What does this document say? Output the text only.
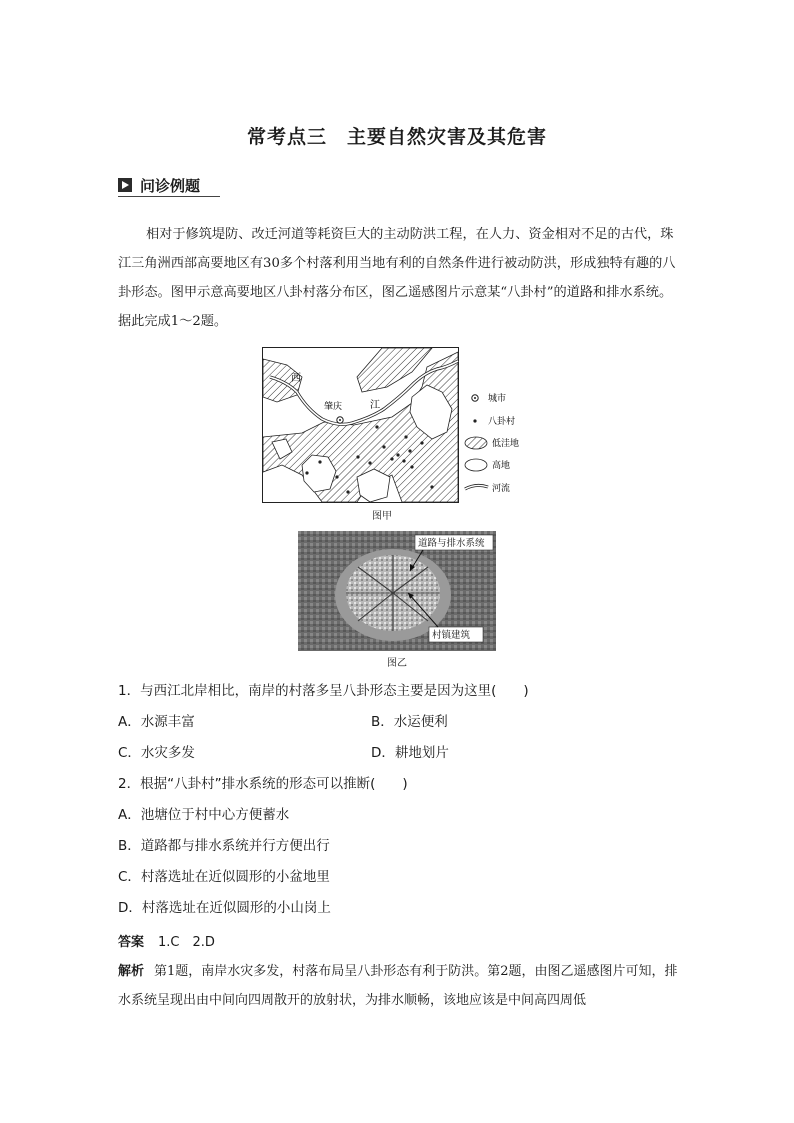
常考点三　主要自然灾害及其危害
问诊例题
相对于修筑堤防、改迁河道等耗资巨大的主动防洪工程，在人力、资金相对不足的古代，珠江三角洲西部高要地区有30多个村落利用当地有利的自然条件进行被动防洪，形成独特有趣的八卦形态。图甲示意高要地区八卦村落分布区，图乙遥感图片示意某“八卦村”的道路和排水系统。据此完成1～2题。
西
江
肇庆
城市
八卦村
低洼地
高地
河流
图甲
道路与排水系统
村镇建筑
图乙
1．与西江北岸相比，南岸的村落多呈八卦形态主要是因为这里(　　)
A．水源丰富	B．水运便利
C．水灾多发	D．耕地划片
2．根据“八卦村”排水系统的形态可以推断(　　)
A．池塘位于村中心方便蓄水
B．道路都与排水系统并行方便出行
C．村落选址在近似圆形的小盆地里
D．村落选址在近似圆形的小山岗上
答案 1.C　2.D
解析 第1题，南岸水灾多发，村落布局呈八卦形态有利于防洪。第2题，由图乙遥感图片可知，排水系统呈现出由中间向四周散开的放射状，为排水顺畅，该地应该是中间高四周低
